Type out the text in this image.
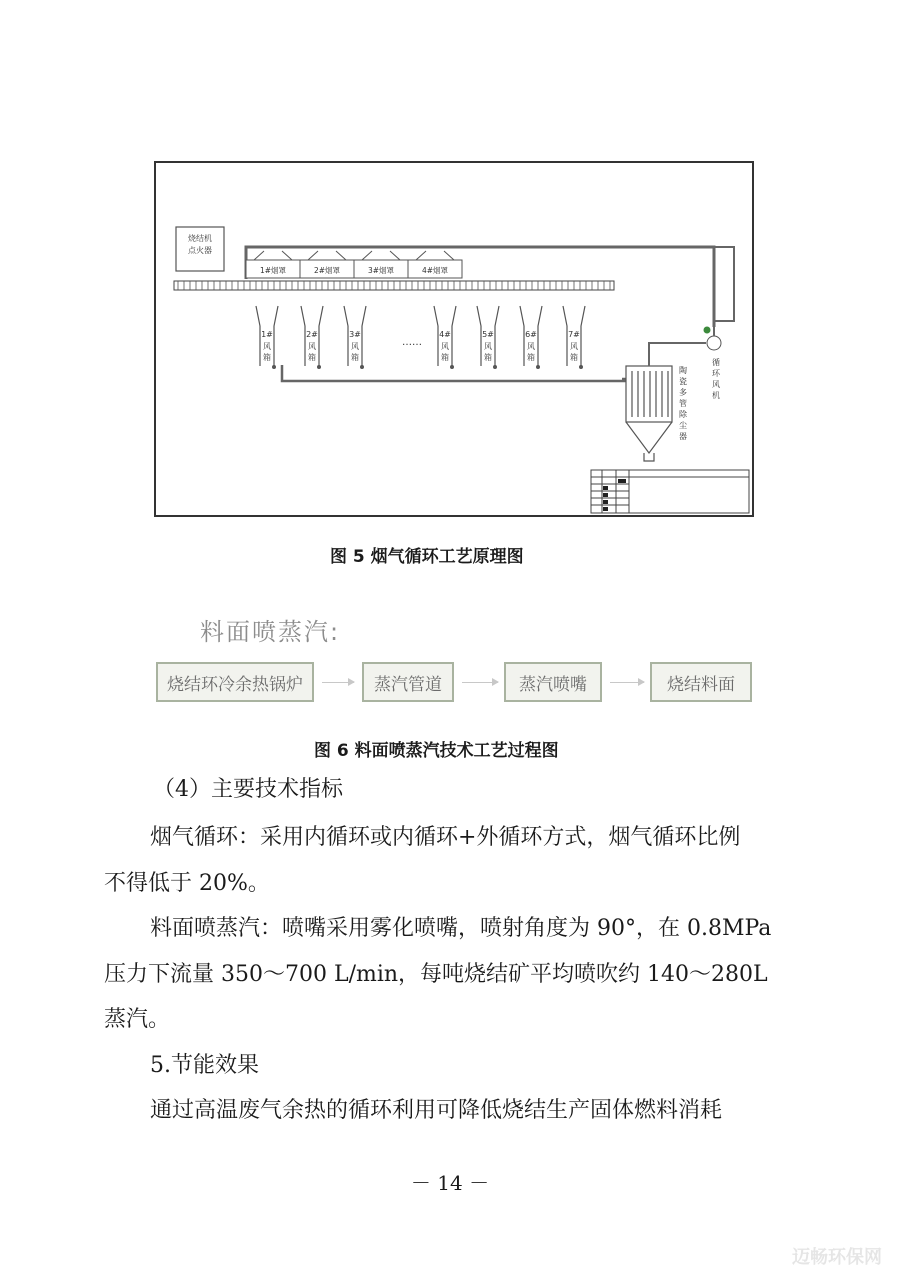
烧结机
点火器
1#烟罩	2#烟罩	3#烟罩	4#烟罩
1#	2#	3#	4#	5#	6#	7#
风
箱
风
箱
风
箱
风
箱
风
箱
风
箱
风
箱
……
陶
瓷
多
管
除
尘
器
循
环
风
机
图 5 烟气循环工艺原理图
料面喷蒸汽:
烧结环冷余热锅炉	蒸汽管道	蒸汽喷嘴	烧结料面
图 6 料面喷蒸汽技术工艺过程图
（4）主要技术指标
烟气循环：采用内循环或内循环+外循环方式，烟气循环比例
不得低于 20%。
料面喷蒸汽：喷嘴采用雾化喷嘴，喷射角度为 90°，在 0.8MPa
压力下流量 350～700 L/min，每吨烧结矿平均喷吹约 140～280L
蒸汽。
5.节能效果
通过高温废气余热的循环利用可降低烧结生产固体燃料消耗
－ 14 －
迈畅环保网
